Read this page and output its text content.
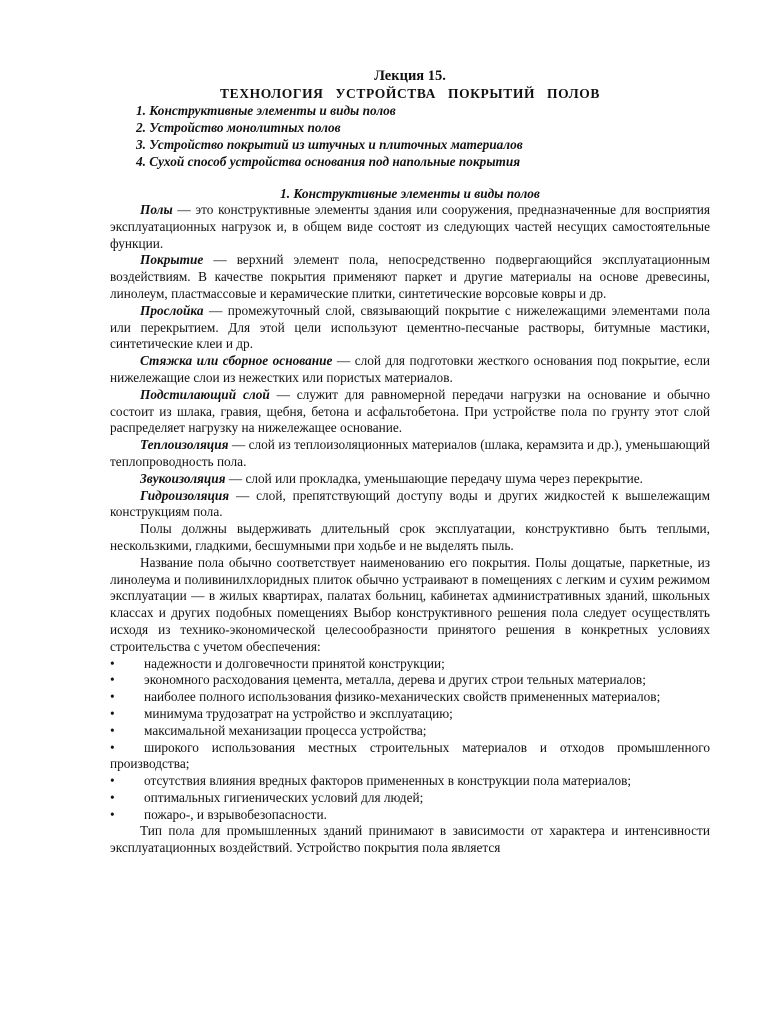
Лекция 15.
ТЕХНОЛОГИЯ УСТРОЙСТВА ПОКРЫТИЙ ПОЛОВ
1. Конструктивные элементы и виды полов
2. Устройство монолитных полов
3. Устройство покрытий из штучных и плиточных материалов
4. Сухой способ устройства основания под напольные покрытия
1. Конструктивные элементы и виды полов

Полы — это конструктивные элементы здания или сооружения, предназначенные для восприятия эксплуатационных нагрузок и, в общем виде состоят из следующих частей несущих самостоятельные функции.

Покрытие — верхний элемент пола, непосредственно подвергающийся эксплуатационным воздействиям. В качестве покрытия применяют паркет и другие материалы на основе древесины, линолеум, пластмассовые и керамические плитки, синтетические ворсовые ковры и др.

Прослойка — промежуточный слой, связывающий покрытие с нижележащими элементами пола или перекрытием. Для этой цели используют цементно-песчаные растворы, битумные мастики, синтетические клеи и др.

Стяжка или сборное основание — слой для подготовки жесткого основания под покрытие, если нижележащие слои из нежестких или пористых материалов.

Подстилающий слой — служит для равномерной передачи нагрузки на основание и обычно состоит из шлака, гравия, щебня, бетона и асфальтобетона. При устройстве пола по грунту этот слой распределяет нагрузку на нижележащее основание.

Теплоизоляция — слой из теплоизоляционных материалов (шлака, керамзита и др.), уменьшающий теплопроводность пола.

Звукоизоляция — слой или прокладка, уменьшающие передачу шума через перекрытие.

Гидроизоляция — слой, препятствующий доступу воды и других жидкостей к вышележащим конструкциям пола.

Полы должны выдерживать длительный срок эксплуатации, конструктивно быть теплыми, нескользкими, гладкими, бесшумными при ходьбе и не выделять пыль.

Название пола обычно соответствует наименованию его покрытия. Полы дощатые, паркетные, из линолеума и поливинилхлоридных плиток обычно устраивают в помещениях с легким и сухим режимом эксплуатации — в жилых квартирах, палатах больниц, кабинетах административных зданий, школьных классах и других подобных помещениях Выбор конструктивного решения пола следует осуществлять исходя из технико-экономической целесообразности принятого решения в конкретных условиях строительства с учетом обеспечения:

•надежности и долговечности принятой конструкции;

•экономного расходования цемента, металла, дерева и других строи тельных материалов;

•наиболее полного использования физико-механических свойств примененных материалов;

•минимума трудозатрат на устройство и эксплуатацию;

•максимальной механизации процесса устройства;

•широкого использования местных строительных материалов и отходов промышленного производства;

•отсутствия влияния вредных факторов примененных в конструкции пола материалов;

•оптимальных гигиенических условий для людей;

•пожаро-, и взрывобезопасности.

Тип пола для промышленных зданий принимают в зависимости от характера и интенсивности эксплуатационных воздействий. Устройство покрытия пола является
